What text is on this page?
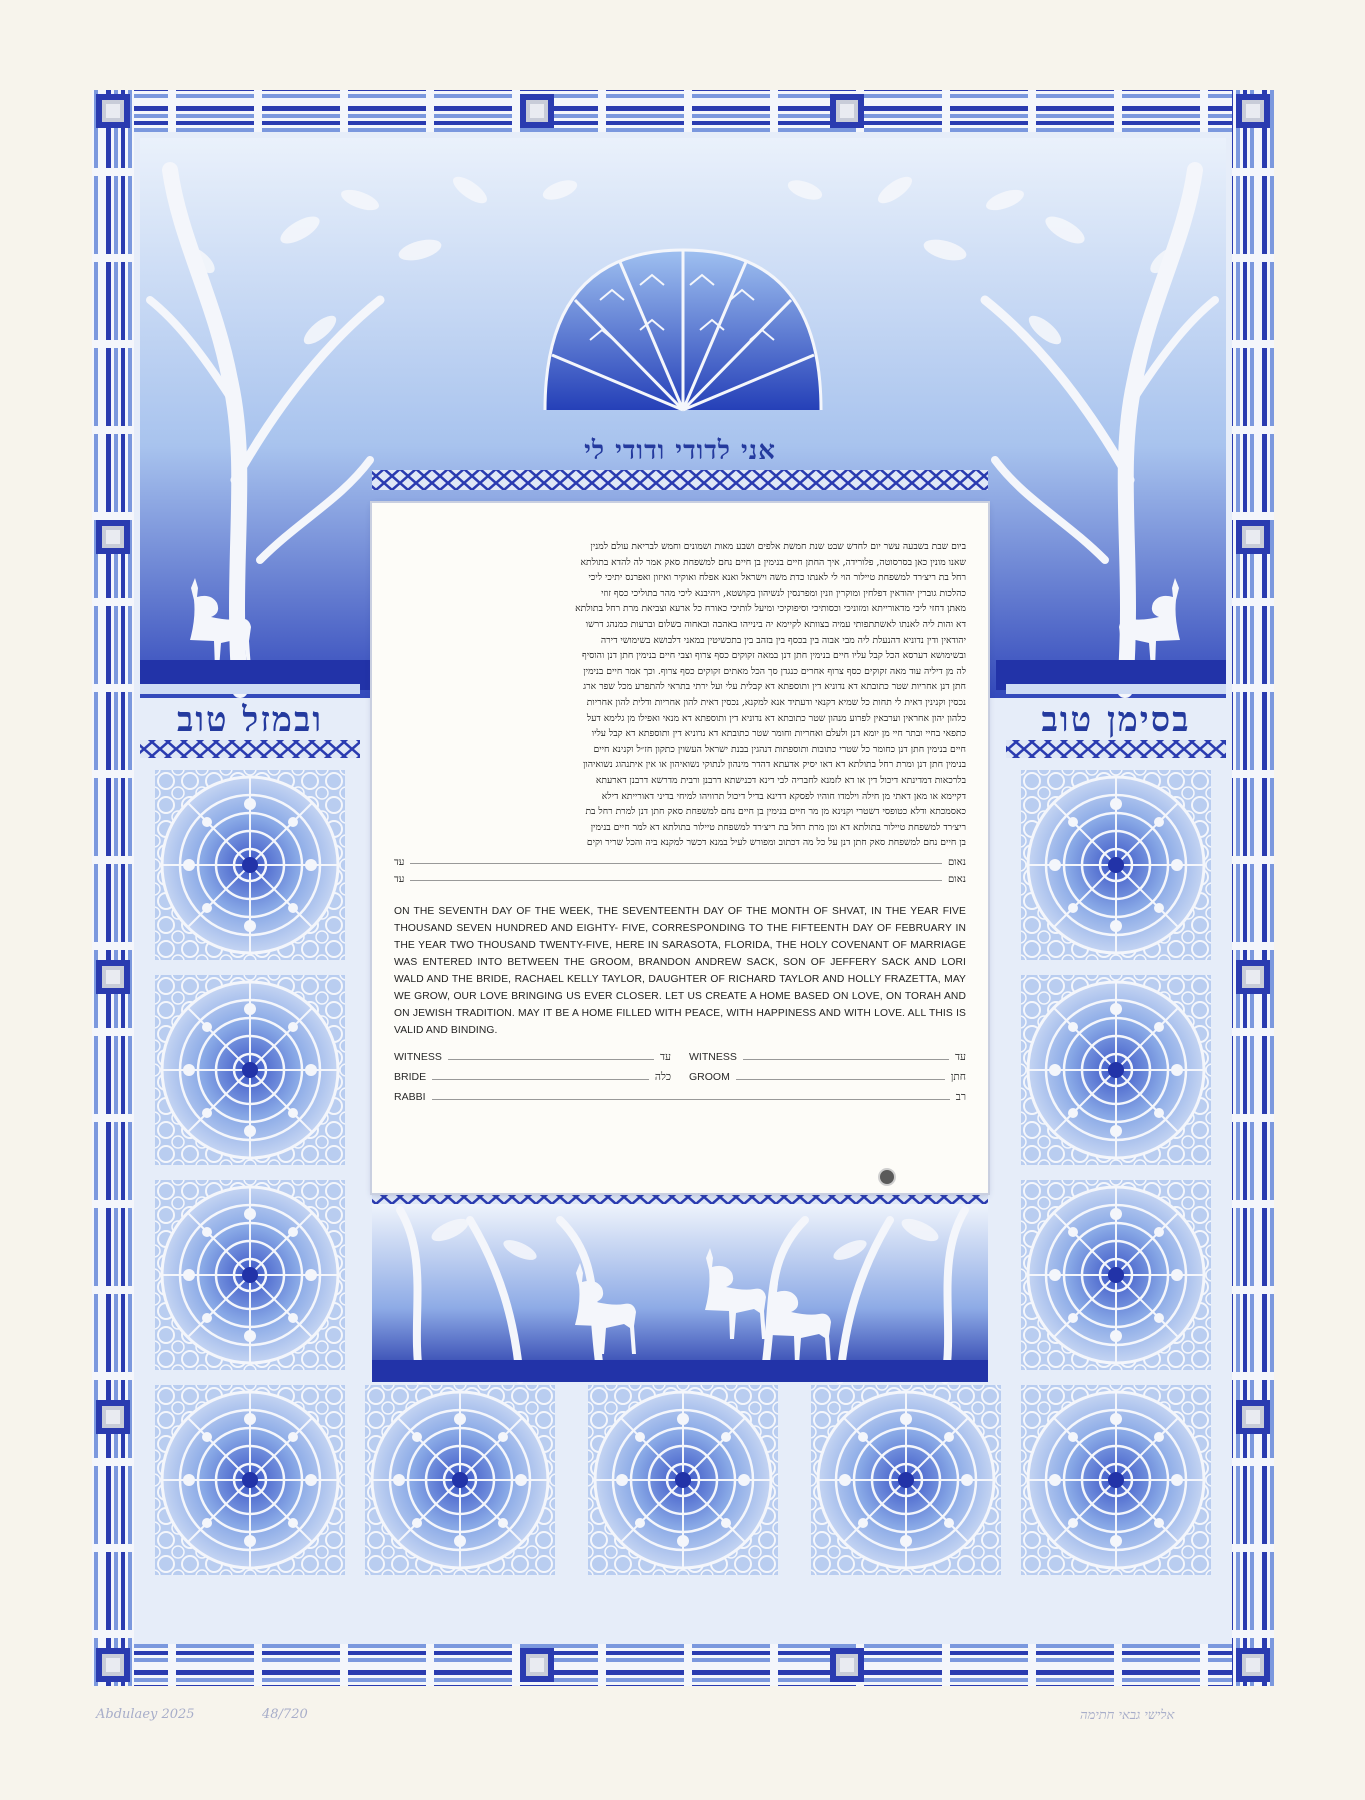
אני לדודי ודודי לי
ובמזל טוב	בסימן טוב
ביום שבת בשבעה עשר יום לחדש שבט שנת חמשת אלפים ושבע מאות ושמונים וחמש לבריאת עולם למנין
שאנו מונין כאן בסרסוטה, פלורידה, איך החתן חיים בנימין בן חיים נחם למשפחת סאק אמר לה להדא בתולתא
רחל בת ריצ׳רד למשפחת טיילור הוי לי לאנתו כדת משה וישראל ואנא אפלח ואוקיר ואיזון ואפרנס יתיכי ליכי
כהלכות גוברין יהודאין דפלחין ומוקרין וזנין ומפרנסין לנשיהון בקושטא, ויהיבנא ליכי מהר בתוליכי כסף זוזי
מאתן דחזי ליכי מדאורייתא ומזוניכי וכסותיכי וסיפוקיכי ומיעל לותיכי כאורח כל ארעא וצביאת מרת רחל בתולתא
דא והות ליה לאנתו לאשתתפותי עמיה בצוותא לקיימא יה בינייהו באהבה ובאחוה בשלום וברעות כמנהג דרשו
יהודאין ודין נדוניא דהנעלת ליה מבי אבוה בין בכסף בין בזהב בין בתכשיטין במאני דלבושא בשימושי דירה
ובשימושא דערסא הכל קבל עליו חיים בנימין חתן דנן במאה זקוקים כסף צרוף וצבי חיים בנימין חתן דנן והוסיף
לה מן דיליה עוד מאה זקוקים כסף צרוף אחרים כנגדן סך הכל מאתים זקוקים כסף צרוף. וכך אמר חיים בנימין
חתן דנן אחריות שטר כתובתא דא נדוניא דין ותוספתא דא קבלית עלי ועל ירתי בתראי להתפרע מכל שפר ארג
נכסין וקנינין דאית לי תחות כל שמיא דקנאי ודעתיד אנא למקנא, נכסין דאית להון אחריות ודלית להון אחריות
כלהון יהון אחראין וערבאין לפרוע מנהון שטר כתובתא דא נדוניא דין ותוספתא דא מנאי ואפילו מן גלימא דעל
כתפאי בחיי ובתר חיי מן יומא דנן ולעלם ואחריות וחומר שטר כתובתא דא נדוניא דין ותוספתא דא קבל עליו
חיים בנימין חתן דנן כחומר כל שטרי כתובות ותוספתות דנהגין בבנת ישראל העשוין כתקון חז״ל וקנינא חיים
בנימין חתן דנן ומרת רחל בתולתא דא דאו יסיק אדעתא דהדר מינהון לנתוקי נשואיהון או אין איתנהוג נשואיהון
בלרכאות דמדינתא דיכול דין או דא לזמנא לחבריה לבי דינא דכנישתא דרבנן ורבית מדרשא דרבנן דארעתא
דקיימא או מאן דאתי מן חילה וילמדו חוהיו לפסקא דדינא בדיל דיכול תרוויהו למיחי בדיני דאורייתא דילא
כאסמכתא ודלא כטופסי דשטרי וקנינא מן מר חיים בנימין בן חיים נחם למשפחת סאק חתן דנן למרת רחל בת
ריצ׳רד למשפחת טיילור בתולתא דא ומן מרת רחל בת ריצ׳רד למשפחת טיילור בתולתא דא למר חיים בנימין
בן חיים נחם למשפחת סאק חתן דנן על כל מה דכתוב ומפורש לעיל במנא דכשר למקנא ביה והכל שריר וקים
נאום
עד
נאום
עד
ON THE SEVENTH DAY OF THE WEEK, THE SEVENTEENTH DAY OF THE MONTH OF SHVAT, IN THE YEAR FIVE THOUSAND SEVEN HUNDRED AND EIGHTY- FIVE, CORRESPONDING TO THE FIFTEENTH DAY OF FEBRUARY IN THE YEAR TWO THOUSAND TWENTY-FIVE, HERE IN SARASOTA, FLORIDA, THE HOLY COVENANT OF MARRIAGE WAS ENTERED INTO BETWEEN THE GROOM, BRANDON ANDREW SACK, SON OF JEFFERY SACK AND LORI WALD AND THE BRIDE, RACHAEL KELLY TAYLOR, DAUGHTER OF RICHARD TAYLOR AND HOLLY FRAZETTA, MAY WE GROW, OUR LOVE BRINGING US EVER CLOSER. LET US CREATE A HOME BASED ON LOVE, ON TORAH AND ON JEWISH TRADITION. MAY IT BE A HOME FILLED WITH PEACE, WITH HAPPINESS AND WITH LOVE. ALL THIS IS VALID AND BINDING.
WITNESS	עד WITNESS	עד
BRIDE	כלה GROOM	חתן
RABBI	רב
Abdulaey 2025	48/720	אלישי גבאי חתימה
